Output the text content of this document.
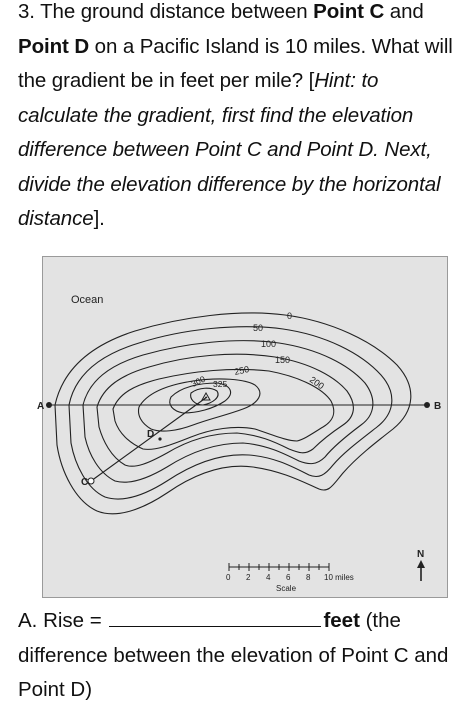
3. The ground distance between Point C and Point D on a Pacific Island is 10 miles. What will the gradient be in feet per mile? [Hint: to calculate the gradient, first find the elevation difference between Point C and Point D. Next, divide the elevation difference by the horizontal distance].
Ocean
0
50
100
150
200
250
300 325
A	B
C
D
0 2 4 6 8 10 miles
Scale
N
A. Rise =	feet (the difference between the elevation of Point C and Point D)
